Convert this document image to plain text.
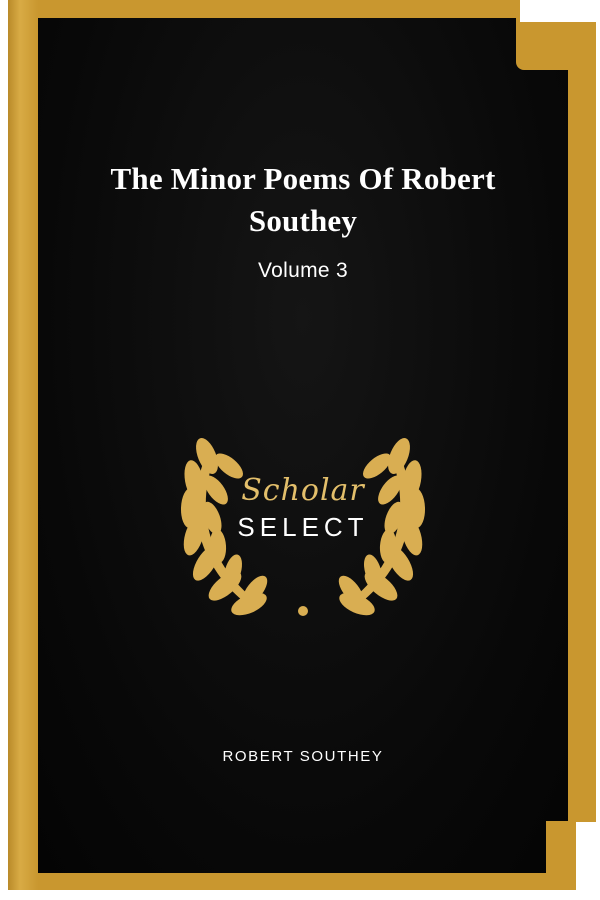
The Minor Poems Of Robert Southey

Volume 3

Scholar
SELECT
ROBERT SOUTHEY
